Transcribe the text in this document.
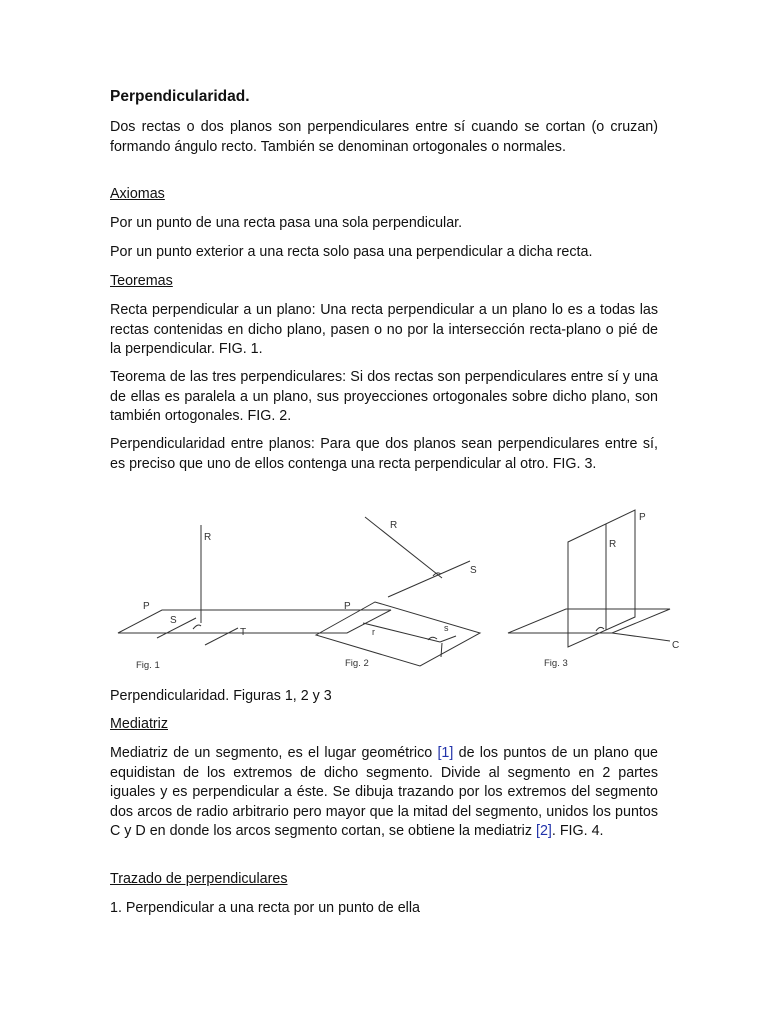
Perpendicularidad.

Dos rectas o dos planos son perpendiculares entre sí cuando se cortan (o cruzan) formando ángulo recto. También se denominan ortogonales o normales.

Axiomas

Por un punto de una recta pasa una sola perpendicular.

Por un punto exterior a una recta solo pasa una perpendicular a dicha recta.

Teoremas

Recta perpendicular a un plano: Una recta perpendicular a un plano lo es a todas las rectas contenidas en dicho plano, pasen o no por la intersección recta-plano o pié de la perpendicular. FIG. 1.

Teorema de las tres perpendiculares: Si dos rectas son perpendiculares entre sí y una de ellas es paralela a un plano, sus proyecciones ortogonales sobre dicho plano, son también ortogonales. FIG. 2.

Perpendicularidad entre planos: Para que dos planos sean perpendiculares entre sí, es preciso que uno de ellos contenga una recta perpendicular al otro. FIG. 3.

R
P
S
T
Fig. 1
R
S
P
r	s
Fig. 2
P
R
C
Fig. 3

Perpendicularidad. Figuras 1, 2 y 3

Mediatriz

Mediatriz de un segmento, es el lugar geométrico [1] de los puntos de un plano que equidistan de los extremos de dicho segmento. Divide al segmento en 2 partes iguales y es perpendicular a éste. Se dibuja trazando por los extremos del segmento dos arcos de radio arbitrario pero mayor que la mitad del segmento, unidos los puntos C y D en donde los arcos segmento cortan, se obtiene la mediatriz [2]. FIG. 4.

Trazado de perpendiculares

1. Perpendicular a una recta por un punto de ella
